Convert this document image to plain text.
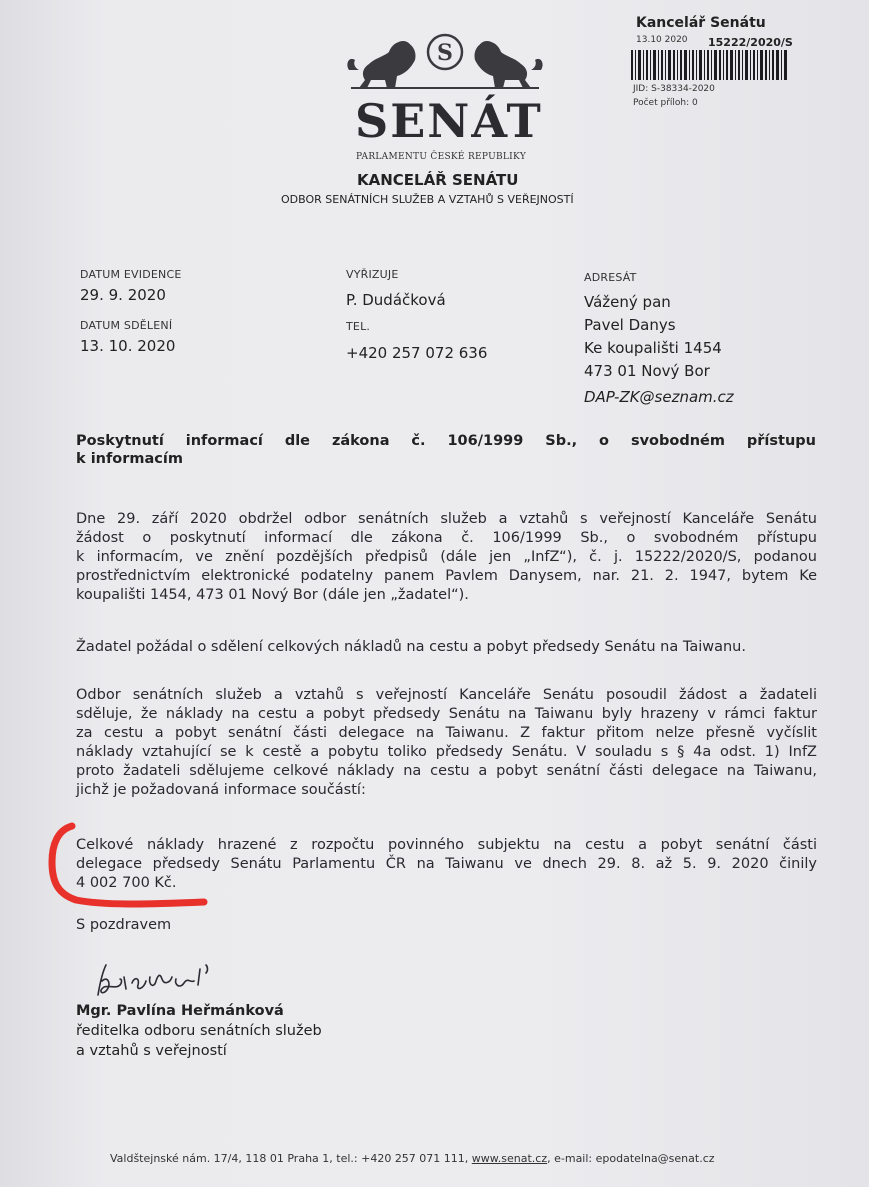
S
SENÁT
PARLAMENTU ČESKÉ REPUBLIKY
KANCELÁŘ SENÁTU
ODBOR SENÁTNÍCH SLUŽEB A VZTAHŮ S VEŘEJNOSTÍ
Kancelář Senátu
13.10 2020 15222/2020/S
JID: S-38334-2020
Počet příloh: 0
DATUM EVIDENCE
29. 9. 2020
DATUM SDĚLENÍ
13. 10. 2020
VYŘIZUJE
P. Dudáčková
TEL.
+420 257 072 636
ADRESÁT
Vážený pan
Pavel Danys
Ke koupališti 1454
473 01 Nový Bor
DAP-ZK@seznam.cz
Poskytnutí informací dle zákona č. 106/1999 Sb., o svobodném přístupu
k informacím
Dne 29. září 2020 obdržel odbor senátních služeb a vztahů s veřejností Kanceláře Senátu
žádost o poskytnutí informací dle zákona č. 106/1999 Sb., o svobodném přístupu
k informacím, ve znění pozdějších předpisů (dále jen „InfZ“), č. j. 15222/2020/S, podanou
prostřednictvím elektronické podatelny panem Pavlem Danysem, nar. 21. 2. 1947, bytem Ke
koupališti 1454, 473 01 Nový Bor (dále jen „žadatel“).
Žadatel požádal o sdělení celkových nákladů na cestu a pobyt předsedy Senátu na Taiwanu.
Odbor senátních služeb a vztahů s veřejností Kanceláře Senátu posoudil žádost a žadateli
sděluje, že náklady na cestu a pobyt předsedy Senátu na Taiwanu byly hrazeny v rámci faktur
za cestu a pobyt senátní části delegace na Taiwanu. Z faktur přitom nelze přesně vyčíslit
náklady vztahující se k cestě a pobytu toliko předsedy Senátu. V souladu s § 4a odst. 1) InfZ
proto žadateli sdělujeme celkové náklady na cestu a pobyt senátní části delegace na Taiwanu,
jichž je požadovaná informace součástí:
Celkové náklady hrazené z rozpočtu povinného subjektu na cestu a pobyt senátní části
delegace předsedy Senátu Parlamentu ČR na Taiwanu ve dnech 29. 8. až 5. 9. 2020 činily
4 002 700 Kč.
S pozdravem
Mgr. Pavlína Heřmánková
ředitelka odboru senátních služeb
a vztahů s veřejností
Valdštejnské nám. 17/4, 118 01 Praha 1, tel.: +420 257 071 111, www.senat.cz, e-mail: epodatelna@senat.cz
